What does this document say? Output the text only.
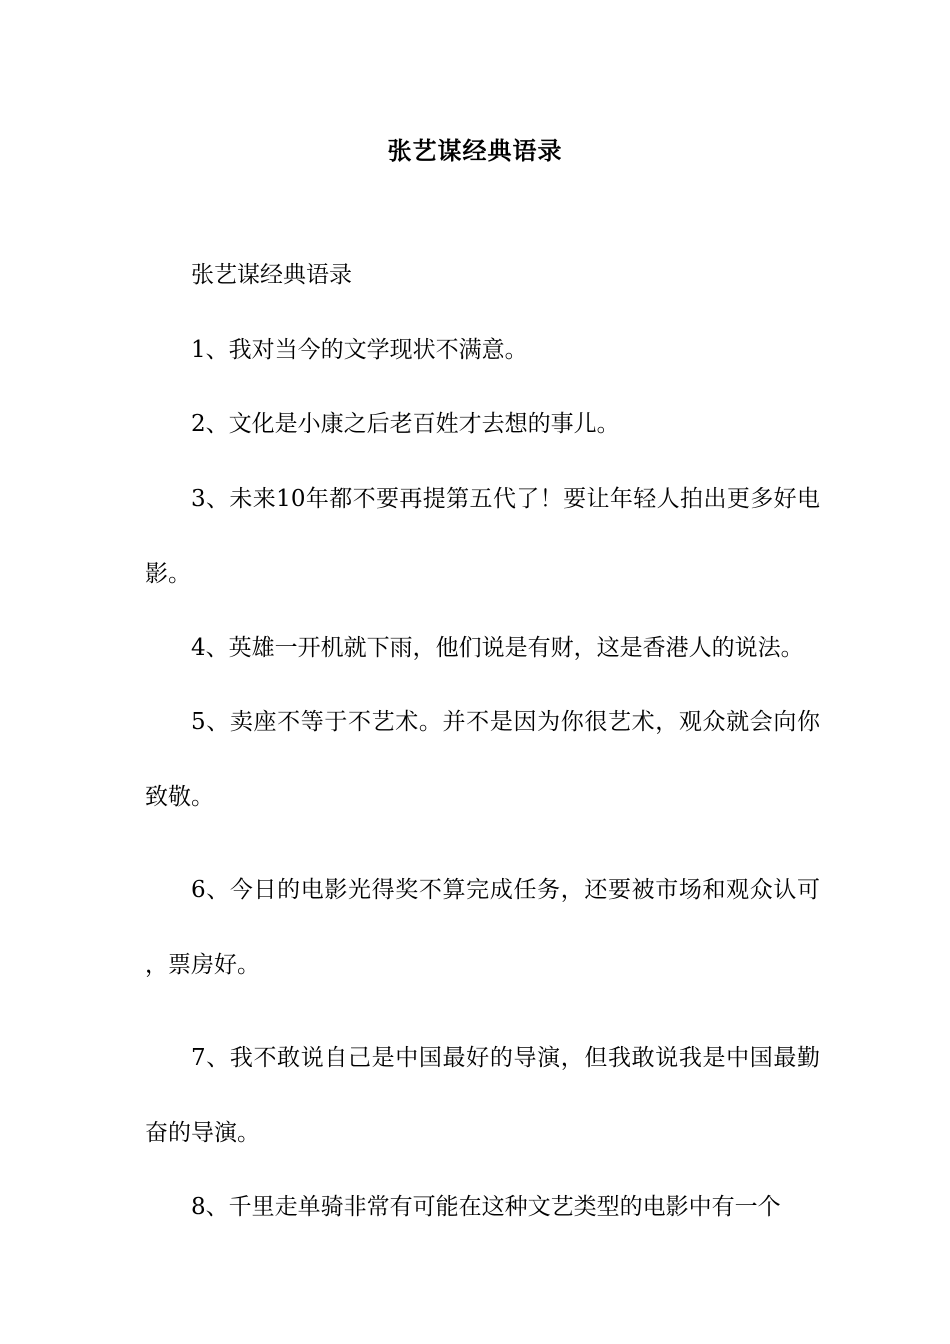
张艺谋经典语录

张艺谋经典语录

1、我对当今的文学现状不满意。

2、文化是小康之后老百姓才去想的事儿。

3、未来10年都不要再提第五代了！要让年轻人拍出更多好电影。

4、英雄一开机就下雨，他们说是有财，这是香港人的说法。

5、卖座不等于不艺术。并不是因为你很艺术，观众就会向你致敬。

6、今日的电影光得奖不算完成任务，还要被市场和观众认可，票房好。

7、我不敢说自己是中国最好的导演，但我敢说我是中国最勤奋的导演。

8、千里走单骑非常有可能在这种文艺类型的电影中有一个
